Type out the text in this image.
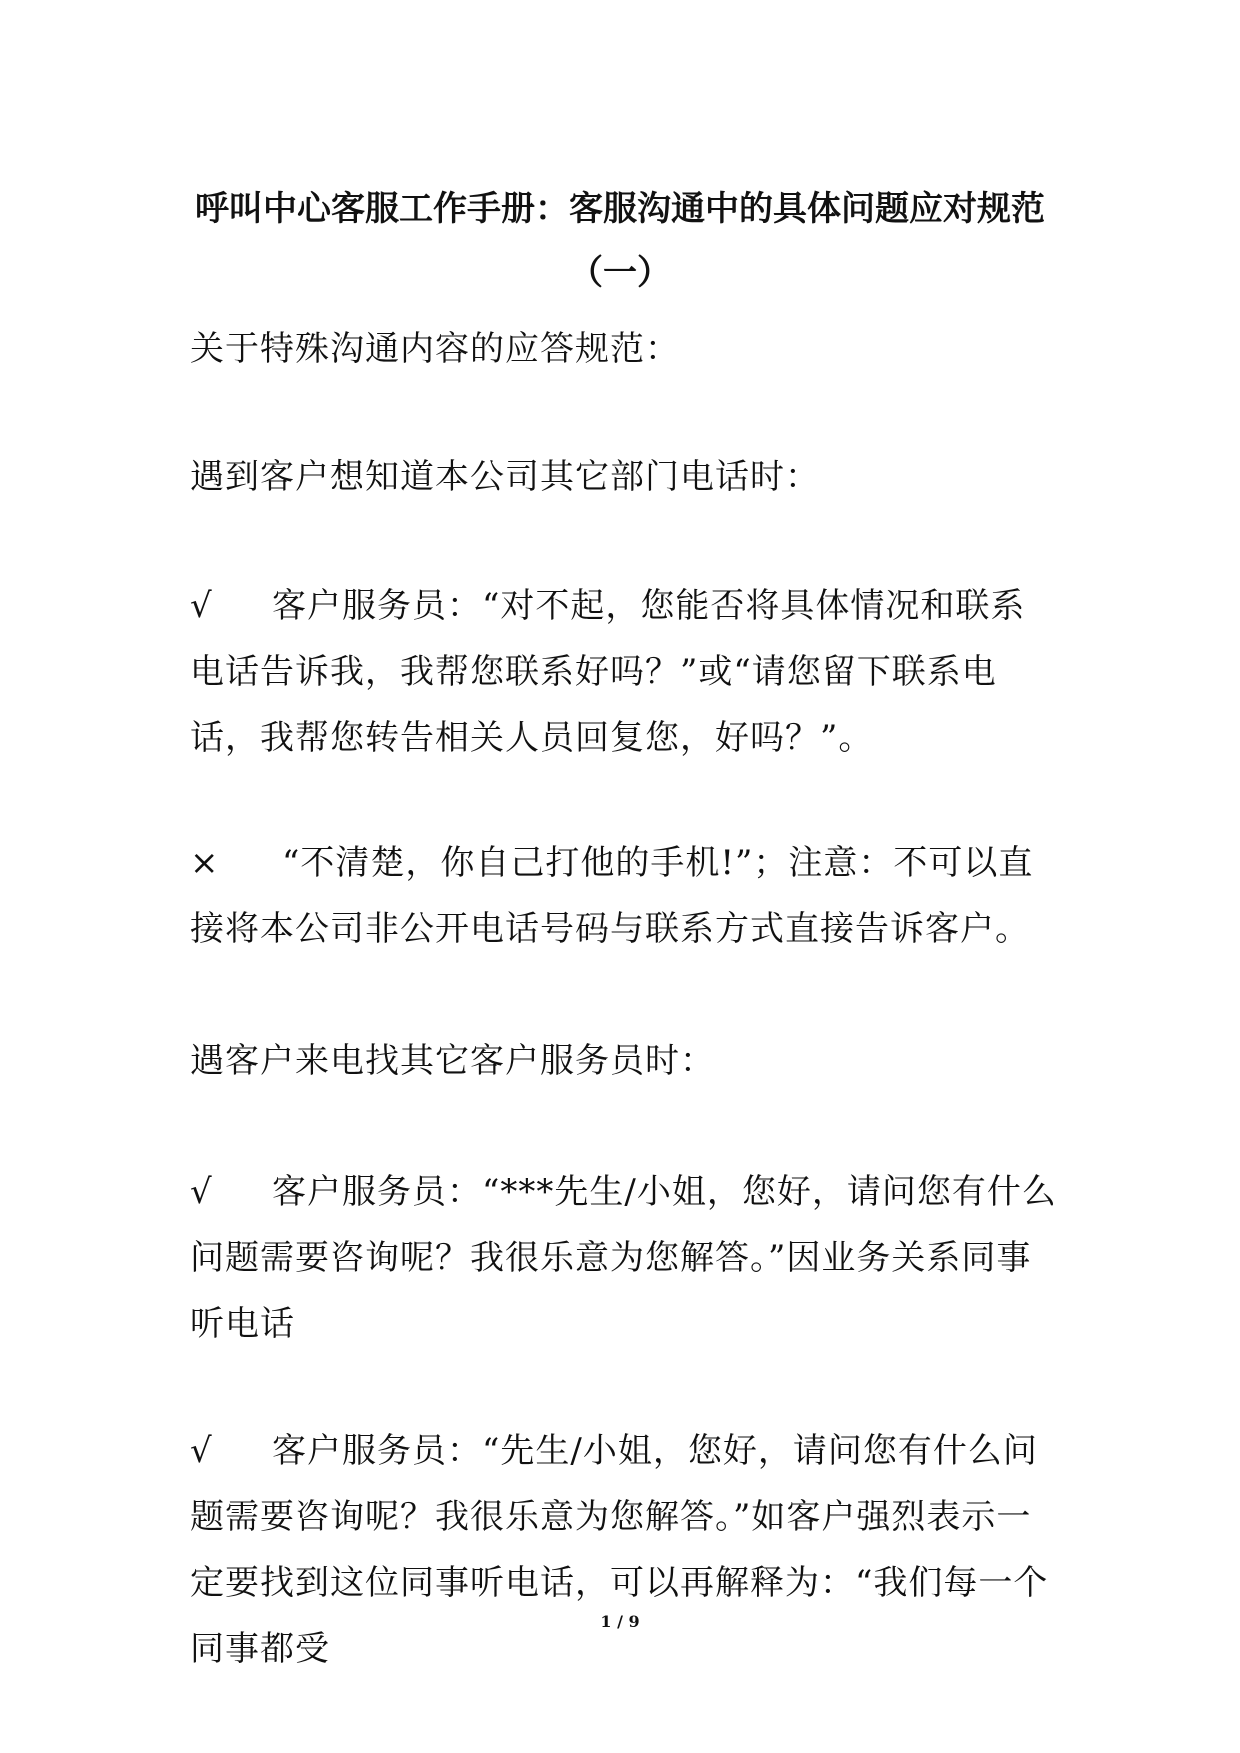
呼叫中心客服工作手册：客服沟通中的具体问题应对规范
（一）

关于特殊沟通内容的应答规范：

遇到客户想知道本公司其它部门电话时：

√ 客户服务员：“对不起，您能否将具体情况和联系电话告诉我，我帮您联系好吗？”或“请您留下联系电话，我帮您转告相关人员回复您，好吗？”。

× “不清楚，你自己打他的手机!”；注意：不可以直接将本公司非公开电话号码与联系方式直接告诉客户。

遇客户来电找其它客户服务员时：

√ 客户服务员：“***先生/小姐，您好，请问您有什么问题需要咨询呢？我很乐意为您解答。”因业务关系同事听电话

√ 客户服务员：“先生/小姐，您好，请问您有什么问题需要咨询呢？我很乐意为您解答。”如客户强烈表示一定要找到这位同事听电话，可以再解释为：“我们每一个同事都受

1 / 9
